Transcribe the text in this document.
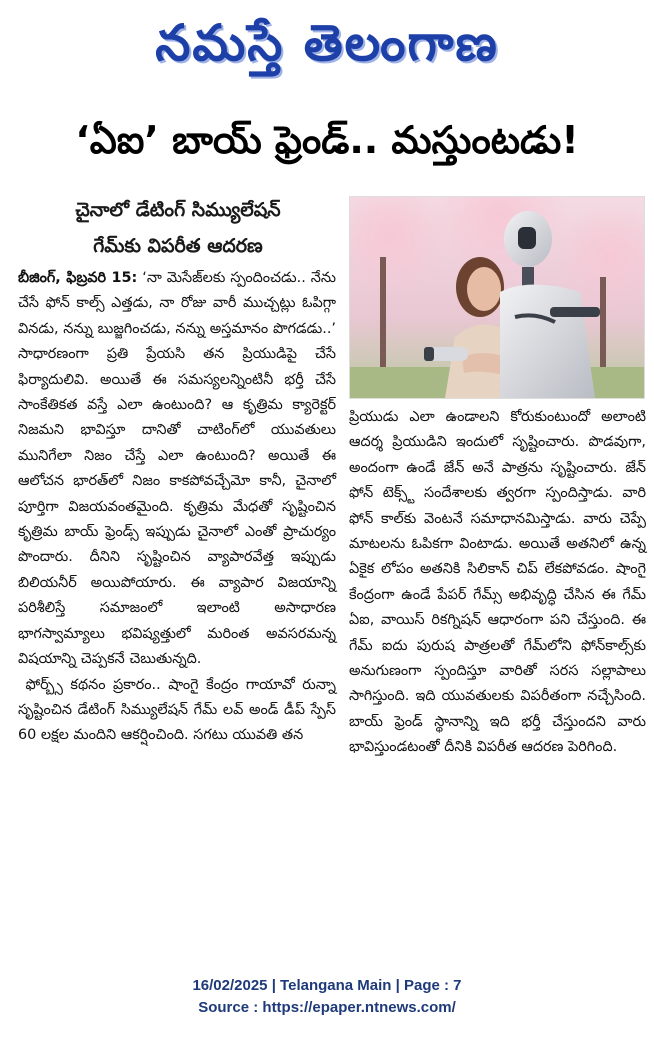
నమస్తే తెలంగాణ
‘ఏఐ’ బాయ్ ఫ్రెండ్.. మస్తుంటడు!
చైనాలో డేటింగ్ సిమ్యులేషన్
గేమ్‌కు విపరీత ఆదరణ

బీజింగ్, ఫిబ్రవరి 15: ‘నా మెసేజ్‌లకు స్పందించడు.. నేను చేసే ఫోన్ కాల్స్ ఎత్తడు, నా రోజు వారీ ముచ్చట్లు ఓపిగ్గా వినడు, నన్ను బుజ్జగించడు, నన్ను అస్తమానం పొగడడు..’ సాధారణంగా ప్రతి ప్రేయసి తన ప్రియుడిపై చేసే ఫిర్యాదులివి. అయితే ఈ సమస్యలన్నింటినీ భర్తీ చేసే సాంకేతికత వస్తే ఎలా ఉంటుంది? ఆ కృత్రిమ క్యారెక్టర్ నిజమని భావిస్తూ దానితో చాటింగ్‌లో యువతులు మునిగేలా నిజం చేస్తే ఎలా ఉంటుంది? అయితే ఈ ఆలోచన భారత్‌లో నిజం కాకపోవచ్చేమో కానీ, చైనాలో పూర్తిగా విజయవంతమైంది. కృత్రిమ మేధతో సృష్టించిన కృత్రిమ బాయ్ ఫ్రెండ్స్ ఇప్పుడు చైనాలో ఎంతో ప్రాచుర్యం పొందారు. దీనిని సృష్టించిన వ్యాపారవేత్త ఇప్పుడు బిలియనీర్ అయిపోయారు. ఈ వ్యాపార విజయాన్ని పరిశీలిస్తే సమాజంలో ఇలాంటి అసాధారణ భాగస్వామ్యాలు భవిష్యత్తులో మరింత అవసరమన్న విషయాన్ని చెప్పకనే చెబుతున్నది.

ఫోర్బ్స్ కథనం ప్రకారం.. షాంగై కేంద్రం గాయావో రున్నా సృష్టించిన డేటింగ్ సిమ్యులేషన్ గేమ్ లవ్ అండ్ డీప్ స్పేస్ 60 లక్షల మందిని ఆకర్షించింది. సగటు యువతి తన

ప్రియుడు ఎలా ఉండాలని కోరుకుంటుందో అలాంటి ఆదర్శ ప్రియుడిని ఇందులో సృష్టించారు. పొడవుగా, అందంగా ఉండే జేన్ అనే పాత్రను సృష్టించారు. జేన్ ఫోన్ టెక్స్ట్ సందేశాలకు త్వరగా స్పందిస్తాడు. వారి ఫోన్ కాల్‌కు వెంటనే సమాధానమిస్తాడు. వారు చెప్పే మాటలను ఓపికగా వింటాడు. అయితే అతనిలో ఉన్న ఏకైక లోపం అతనికి సిలికాన్ చిప్ లేకపోవడం. షాంగై కేంద్రంగా ఉండే పేపర్ గేమ్స్ అభివృద్ధి చేసిన ఈ గేమ్ ఏఐ, వాయిస్ రికగ్నిషన్ ఆధారంగా పని చేస్తుంది. ఈ గేమ్ ఐదు పురుష పాత్రలతో గేమ్‌లోని ఫోన్‌కాల్స్‌కు అనుగుణంగా స్పందిస్తూ వారితో సరస సల్లాపాలు సాగిస్తుంది. ఇది యువతులకు విపరీతంగా నచ్చేసింది. బాయ్ ఫ్రెండ్ స్థానాన్ని ఇది భర్తీ చేస్తుందని వారు భావిస్తుండటంతో దీనికి విపరీత ఆదరణ పెరిగింది.

16/02/2025 | Telangana Main | Page : 7
Source : https://epaper.ntnews.com/
